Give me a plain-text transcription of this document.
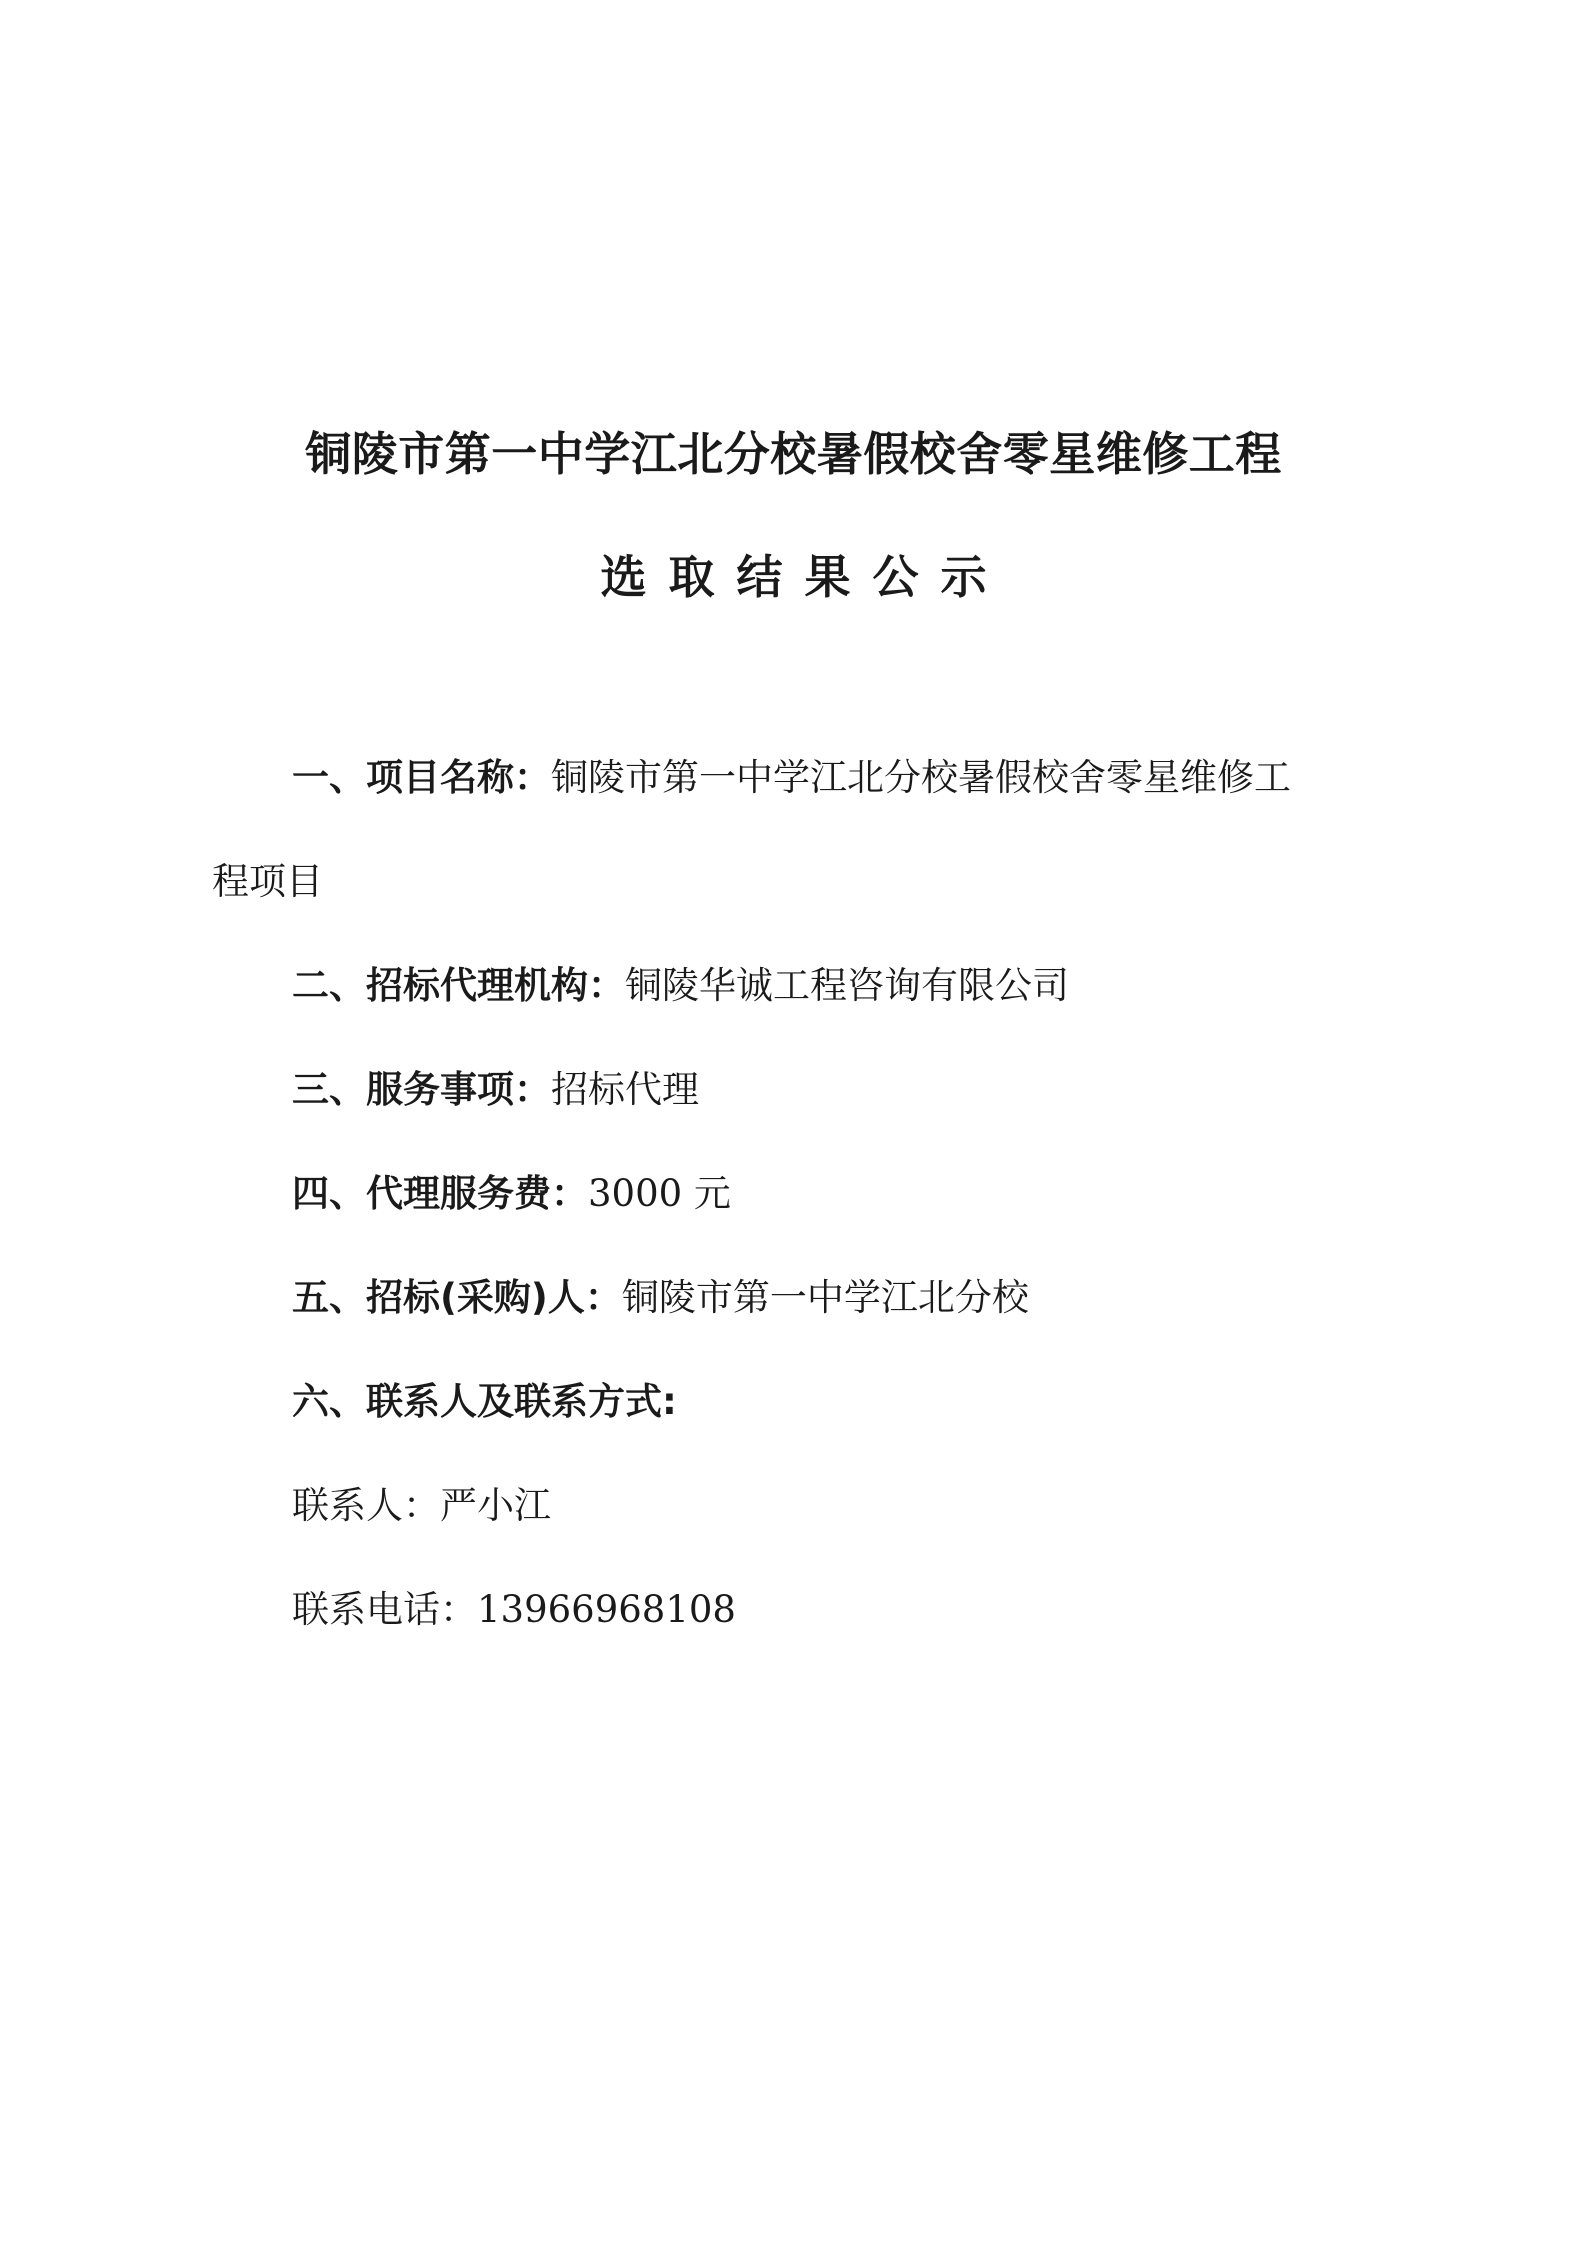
铜陵市第一中学江北分校暑假校舍零星维修工程
选取结果公示
一、项目名称：铜陵市第一中学江北分校暑假校舍零星维修工
程项目
二、招标代理机构：铜陵华诚工程咨询有限公司
三、服务事项：招标代理
四、代理服务费：3000 元
五、招标(采购)人：铜陵市第一中学江北分校
六、联系人及联系方式:
联系人：严小江
联系电话：13966968108
